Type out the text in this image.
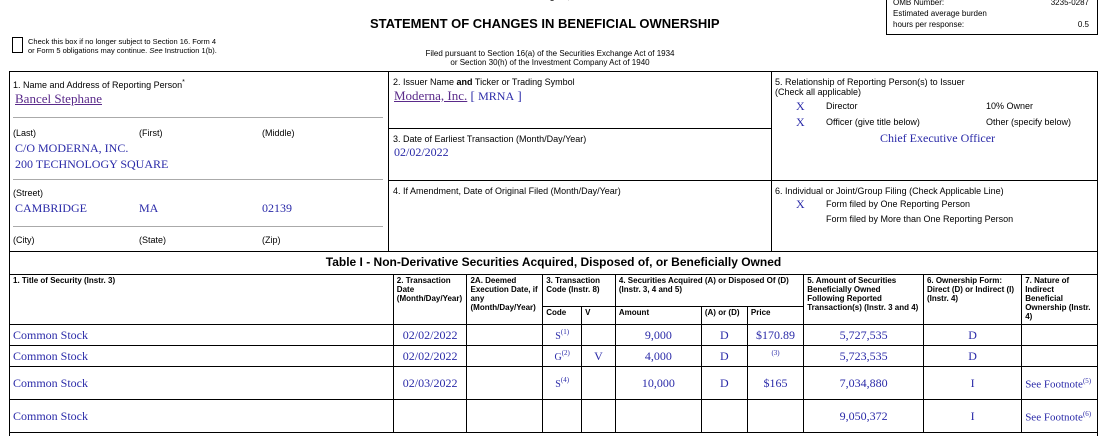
OMB Number:	3235-0287
Estimated average burden
hours per response:	0.5
STATEMENT OF CHANGES IN BENEFICIAL OWNERSHIP
Check this box if no longer subject to Section 16. Form 4
or Form 5 obligations may continue. See Instruction 1(b).	Filed pursuant to Section 16(a) of the Securities Exchange Act of 1934
or Section 30(h) of the Investment Company Act of 1940
1. Name and Address of Reporting Person*
Bancel Stephane
(Last)	(First)	(Middle)
C/O MODERNA, INC.
200 TECHNOLOGY SQUARE
(Street)
CAMBRIDGE	MA	02139
(City)	(State)	(Zip)
2. Issuer Name and Ticker or Trading Symbol
Moderna, Inc. [ MRNA ]
3. Date of Earliest Transaction (Month/Day/Year)
02/02/2022
4. If Amendment, Date of Original Filed (Month/Day/Year)
5. Relationship of Reporting Person(s) to Issuer
(Check all applicable)
X Director	10% Owner
X Officer (give title below)	Other (specify below)
Chief Executive Officer
6. Individual or Joint/Group Filing (Check Applicable Line)
X Form filed by One Reporting Person
Form filed by More than One Reporting Person
Table I - Non-Derivative Securities Acquired, Disposed of, or Beneficially Owned
1. Title of Security (Instr. 3)	2. Transaction Date (Month/Day/Year)	2A. Deemed Execution Date, if any (Month/Day/Year)	3. Transaction Code (Instr. 8)		4. Securities Acquired (A) or Disposed Of (D) (Instr. 3, 4 and 5)			5. Amount of Securities Beneficially Owned Following Reported Transaction(s) (Instr. 3 and 4)	6. Ownership Form: Direct (D) or Indirect (I) (Instr. 4)	7. Nature of Indirect Beneficial Ownership (Instr. 4)
			Code	V	Amount	(A) or (D)	Price			
Common Stock	02/02/2022		$S^{(1)}$		9,000	D	$170.89	5,727,535	D	
Common Stock	02/02/2022		$G^{(2)}$	V	4,000	D	$^{(3)}$	5,723,535	D	
Common Stock	02/03/2022		$S^{(4)}$		10,000	D	$165	7,034,880	I	See Footnote$^{(5)}$
Common Stock								9,050,372	I	See Footnote$^{(6)}$
